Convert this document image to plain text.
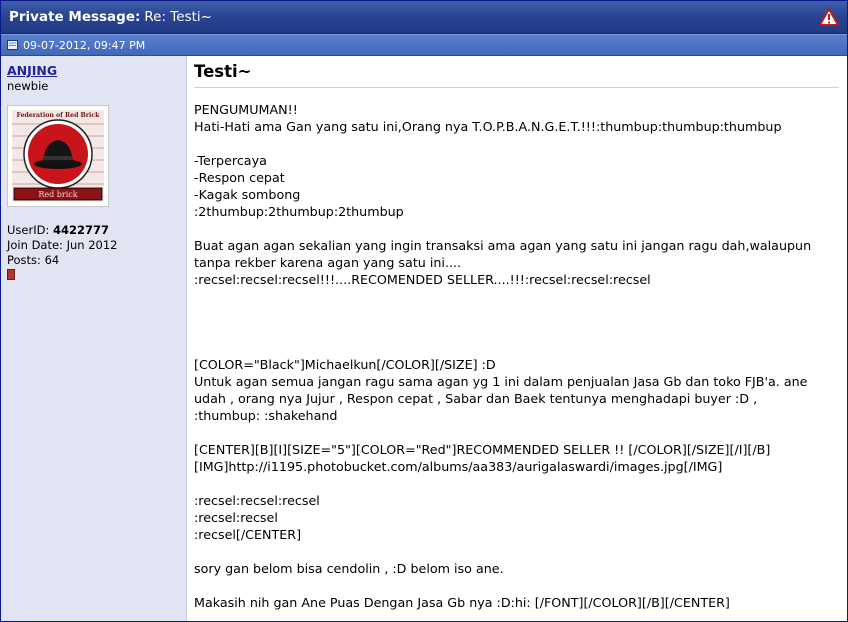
Private Message: Re: Testi~
09-07-2012, 09:47 PM
ANJING
newbie
Red brick
Federation of Red Brick
UserID: 4422777
Join Date: Jun 2012
Posts: 64
Testi~
PENGUMUMAN!!
Hati-Hati ama Gan yang satu ini,Orang nya T.O.P.B.A.N.G.E.T.!!!:thumbup:thumbup:thumbup

-Terpercaya
-Respon cepat
-Kagak sombong
:2thumbup:2thumbup:2thumbup

Buat agan agan sekalian yang ingin transaksi ama agan yang satu ini jangan ragu dah,walaupun
tanpa rekber karena agan yang satu ini....
:recsel:recsel:recsel!!!....RECOMENDED SELLER....!!!:recsel:recsel:recsel

[COLOR="Black"]Michaelkun[/COLOR][/SIZE] :D
Untuk agan semua jangan ragu sama agan yg 1 ini dalam penjualan Jasa Gb dan toko FJB'a. ane
udah , orang nya Jujur , Respon cepat , Sabar dan Baek tentunya menghadapi buyer :D ,
:thumbup: :shakehand

[CENTER][B][I][SIZE="5"][COLOR="Red"]RECOMMENDED SELLER !! [/COLOR][/SIZE][/I][/B]
[IMG]http://i1195.photobucket.com/albums/aa383/aurigalaswardi/images.jpg[/IMG]

:recsel:recsel:recsel
:recsel:recsel
:recsel[/CENTER]

sory gan belom bisa cendolin , :D belom iso ane.

Makasih nih gan Ane Puas Dengan Jasa Gb nya :D:hi: [/FONT][/COLOR][/B][/CENTER]
